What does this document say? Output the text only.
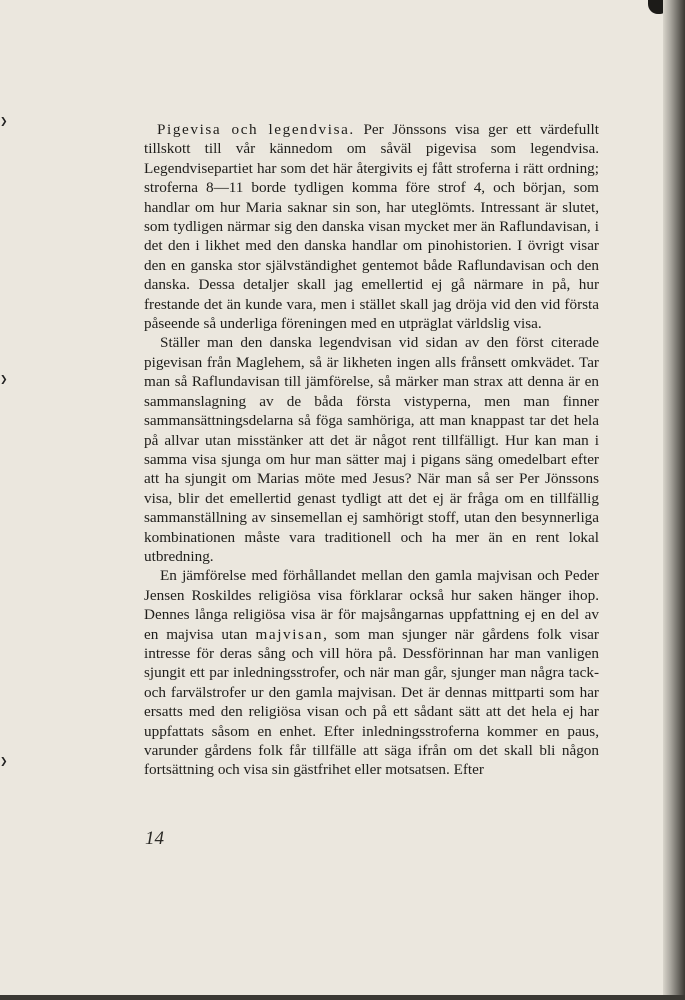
❯
❯
❯

Pigevisa och legendvisa. Per Jönssons visa ger ett värdefullt tillskott till vår kännedom om såväl pigevisa som legendvisa. Legendvisepartiet har som det här återgivits ej fått stroferna i rätt ordning; stroferna 8—11 borde tydligen komma före strof 4, och början, som handlar om hur Maria saknar sin son, har uteglömts. Intressant är slutet, som tydligen närmar sig den danska visan mycket mer än Raflundavisan, i det den i likhet med den danska handlar om pinohistorien. I övrigt visar den en ganska stor självständighet gentemot både Raflundavisan och den danska. Dessa detaljer skall jag emellertid ej gå närmare in på, hur frestande det än kunde vara, men i stället skall jag dröja vid den vid första påseende så underliga föreningen med en utpräglat världslig visa.

Ställer man den danska legendvisan vid sidan av den först citerade pigevisan från Maglehem, så är likheten ingen alls frånsett omkvädet. Tar man så Raflundavisan till jämförelse, så märker man strax att denna är en sammanslagning av de båda första vistyperna, men man finner sammansättningsdelarna så föga samhöriga, att man knappast tar det hela på allvar utan misstänker att det är något rent tillfälligt. Hur kan man i samma visa sjunga om hur man sätter maj i pigans säng omedelbart efter att ha sjungit om Marias möte med Jesus? När man så ser Per Jönssons visa, blir det emellertid genast tydligt att det ej är fråga om en tillfällig sammanställning av sinsemellan ej samhörigt stoff, utan den besynnerliga kombinationen måste vara traditionell och ha mer än en rent lokal utbredning.

En jämförelse med förhållandet mellan den gamla majvisan och Peder Jensen Roskildes religiösa visa förklarar också hur saken hänger ihop. Dennes långa religiösa visa är för majsångarnas uppfattning ej en del av en majvisa utan majvisan, som man sjunger när gårdens folk visar intresse för deras sång och vill höra på. Dessförinnan har man vanligen sjungit ett par inledningsstrofer, och när man går, sjunger man några tack- och farvälstrofer ur den gamla majvisan. Det är dennas mittparti som har ersatts med den religiösa visan och på ett sådant sätt att det hela ej har uppfattats såsom en enhet. Efter inledningsstroferna kommer en paus, varunder gårdens folk får tillfälle att säga ifrån om det skall bli någon fortsättning och visa sin gästfrihet eller motsatsen. Efter

14
